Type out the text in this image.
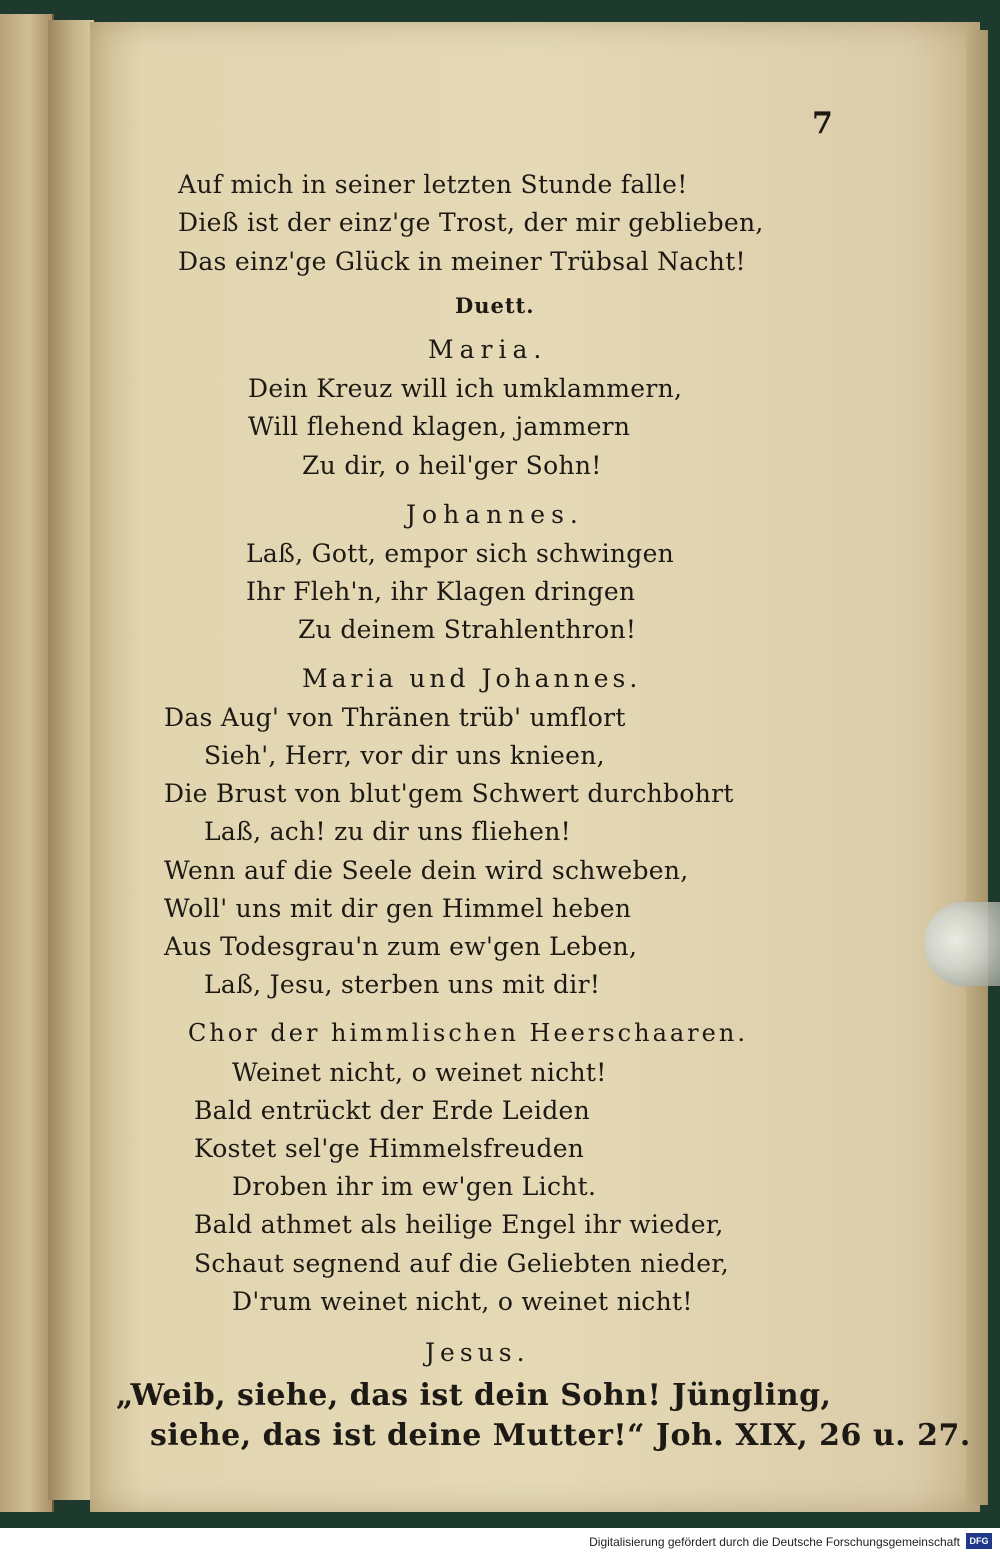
7
Auf mich in seiner letzten Stunde falle!
Dieß ist der einz'ge Trost, der mir geblieben,
Das einz'ge Glück in meiner Trübsal Nacht!
Duett.
Maria.
Dein Kreuz will ich umklammern,
Will flehend klagen, jammern
Zu dir, o heil'ger Sohn!
Johannes.
Laß, Gott, empor sich schwingen
Ihr Fleh'n, ihr Klagen dringen
Zu deinem Strahlenthron!
Maria und Johannes.
Das Aug' von Thränen trüb' umflort
Sieh', Herr, vor dir uns knieen,
Die Brust von blut'gem Schwert durchbohrt
Laß, ach! zu dir uns fliehen!
Wenn auf die Seele dein wird schweben,
Woll' uns mit dir gen Himmel heben
Aus Todesgrau'n zum ew'gen Leben,
Laß, Jesu, sterben uns mit dir!
Chor der himmlischen Heerschaaren.
Weinet nicht, o weinet nicht!
Bald entrückt der Erde Leiden
Kostet sel'ge Himmelsfreuden
Droben ihr im ew'gen Licht.
Bald athmet als heilige Engel ihr wieder,
Schaut segnend auf die Geliebten nieder,
D'rum weinet nicht, o weinet nicht!
Jesus.
„Weib, siehe, das ist dein Sohn! Jüngling,
siehe, das ist deine Mutter!“ Joh. XIX, 26 u. 27.
Digitalisierung gefördert durch die Deutsche Forschungsgemeinschaft	DFG
